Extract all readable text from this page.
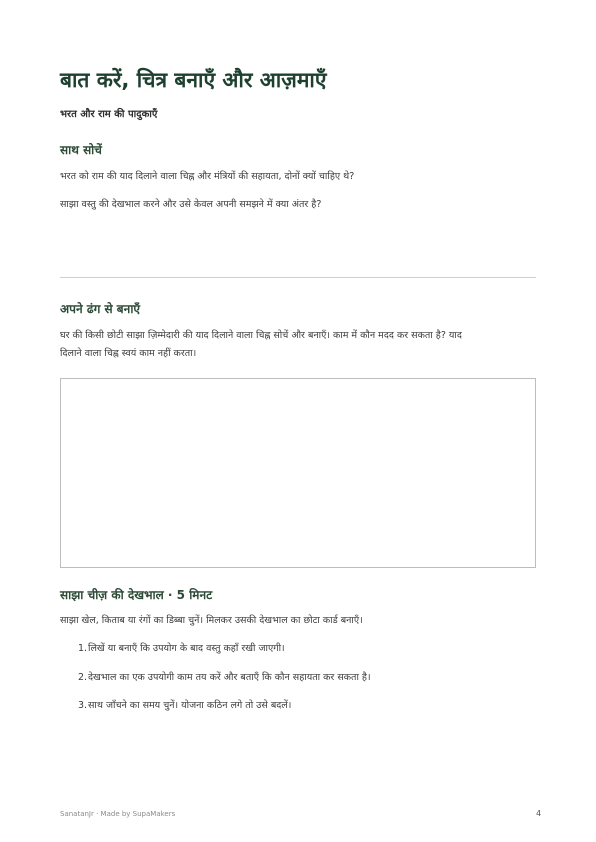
बात करें, चित्र बनाएँ और आज़माएँ
भरत और राम की पादुकाएँ
साथ सोचें

भरत को राम की याद दिलाने वाला चिह्न और मंत्रियों की सहायता, दोनों क्यों चाहिए थे?

साझा वस्तु की देखभाल करने और उसे केवल अपनी समझने में क्या अंतर है?

अपने ढंग से बनाएँ

घर की किसी छोटी साझा ज़िम्मेदारी की याद दिलाने वाला चिह्न सोचें और बनाएँ। काम में कौन मदद कर सकता है? याद

दिलाने वाला चिह्न स्वयं काम नहीं करता।

साझा चीज़ की देखभाल · 5 मिनट

साझा खेल, किताब या रंगों का डिब्बा चुनें। मिलकर उसकी देखभाल का छोटा कार्ड बनाएँ।

1. लिखें या बनाएँ कि उपयोग के बाद वस्तु कहाँ रखी जाएगी।
2. देखभाल का एक उपयोगी काम तय करें और बताएँ कि कौन सहायता कर सकता है।
3. साथ जाँचने का समय चुनें। योजना कठिन लगे तो उसे बदलें।
SanatanJr · Made by SupaMakers	4
